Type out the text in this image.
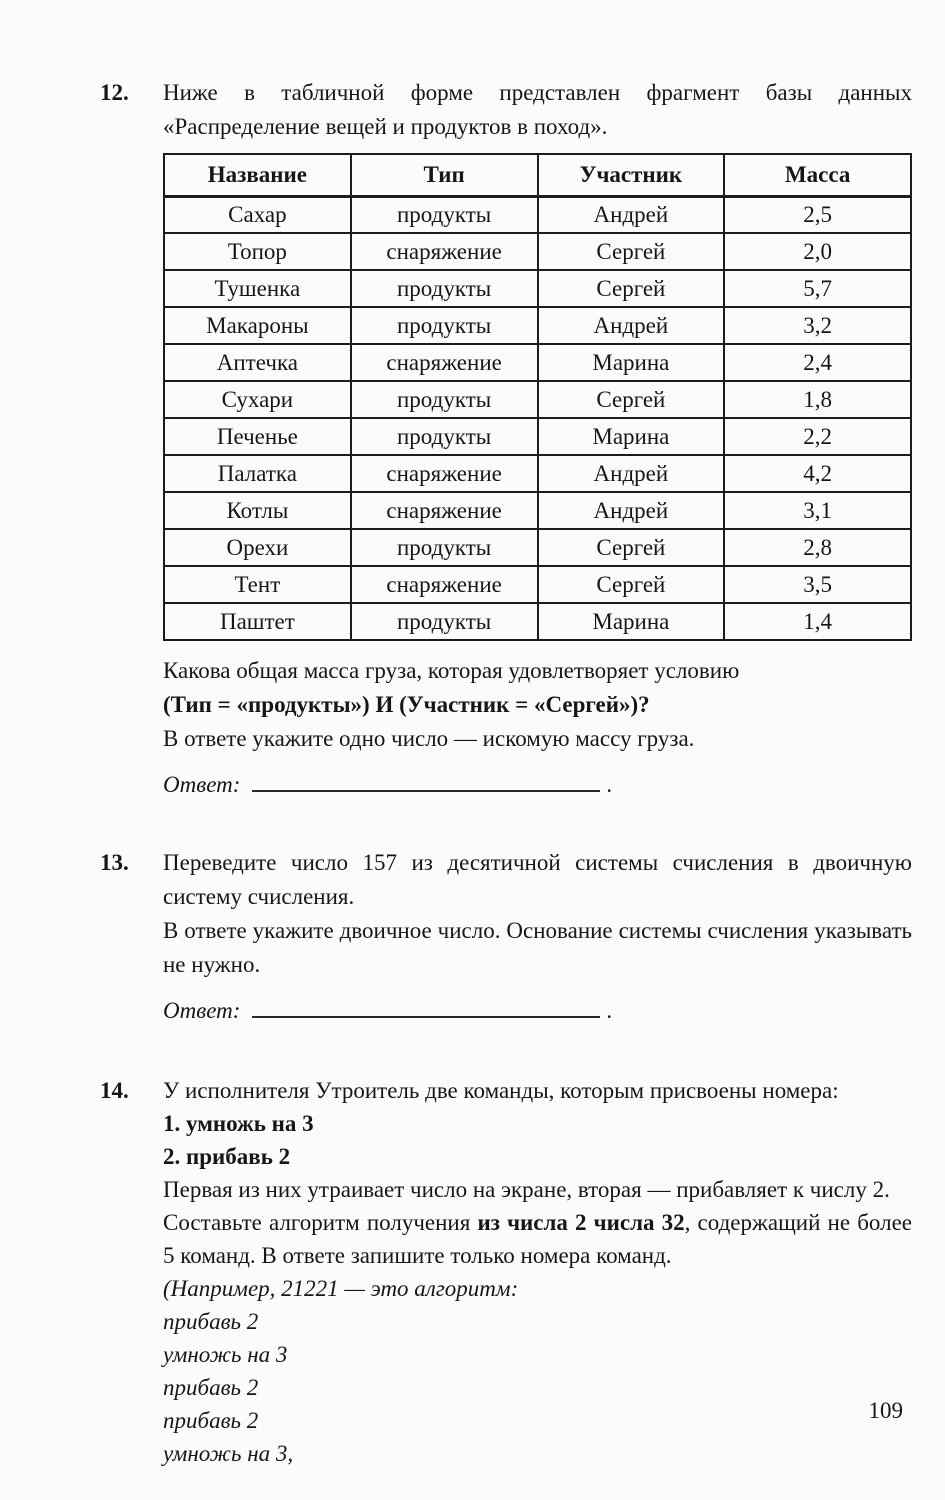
12.	Ниже в табличной форме представлен фрагмент базы данных «Распределение вещей и продуктов в поход».
Название	Тип	Участник	Масса
Сахар	продукты	Андрей	2,5
Топор	снаряжение	Сергей	2,0
Тушенка	продукты	Сергей	5,7
Макароны	продукты	Андрей	3,2
Аптечка	снаряжение	Марина	2,4
Сухари	продукты	Сергей	1,8
Печенье	продукты	Марина	2,2
Палатка	снаряжение	Андрей	4,2
Котлы	снаряжение	Андрей	3,1
Орехи	продукты	Сергей	2,8
Тент	снаряжение	Сергей	3,5
Паштет	продукты	Марина	1,4
Какова общая масса груза, которая удовлетворяет условию
(Тип = «продукты») И (Участник = «Сергей»)?
В ответе укажите одно число — искомую массу груза.
Ответ:	.
13.	Переведите число 157 из десятичной системы счисления в двоичную систему счисления.
В ответе укажите двоичное число. Основание системы счисления указывать не нужно.
Ответ:	.
14.	У исполнителя Утроитель две команды, которым присвоены номера:
1. умножь на 3
2. прибавь 2
Первая из них утраивает число на экране, вторая — прибавляет к числу 2.
Составьте алгоритм получения из числа 2 числа 32, содержащий не более 5 команд. В ответе запишите только номера команд.
(Например, 21221 — это алгоритм:
прибавь 2
умножь на 3
прибавь 2
прибавь 2
умножь на 3,
109
